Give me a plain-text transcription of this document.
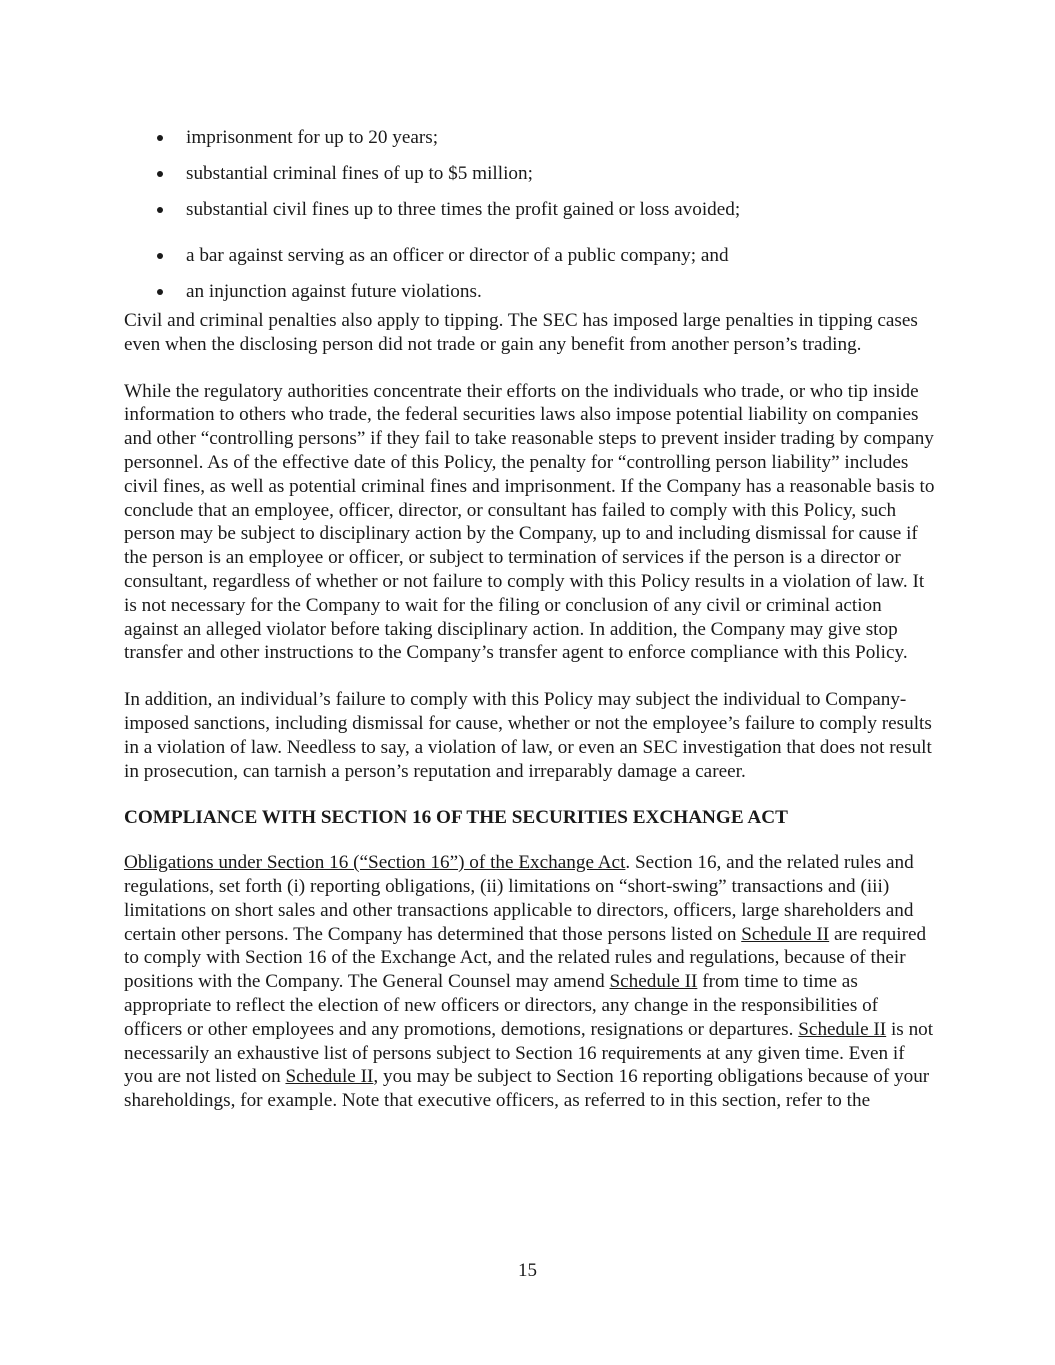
imprisonment for up to 20 years;
substantial criminal fines of up to $5 million;
substantial civil fines up to three times the profit gained or loss avoided;
a bar against serving as an officer or director of a public company; and
an injunction against future violations.

Civil and criminal penalties also apply to tipping. The SEC has imposed large penalties in tipping cases even when the disclosing person did not trade or gain any benefit from another person’s trading.

While the regulatory authorities concentrate their efforts on the individuals who trade, or who tip inside information to others who trade, the federal securities laws also impose potential liability on companies and other “controlling persons” if they fail to take reasonable steps to prevent insider trading by company personnel. As of the effective date of this Policy, the penalty for “controlling person liability” includes civil fines, as well as potential criminal fines and imprisonment. If the Company has a reasonable basis to conclude that an employee, officer, director, or consultant has failed to comply with this Policy, such person may be subject to disciplinary action by the Company, up to and including dismissal for cause if the person is an employee or officer, or subject to termination of services if the person is a director or consultant, regardless of whether or not failure to comply with this Policy results in a violation of law. It is not necessary for the Company to wait for the filing or conclusion of any civil or criminal action against an alleged violator before taking disciplinary action. In addition, the Company may give stop transfer and other instructions to the Company’s transfer agent to enforce compliance with this Policy.

In addition, an individual’s failure to comply with this Policy may subject the individual to Company- imposed sanctions, including dismissal for cause, whether or not the employee’s failure to comply results in a violation of law. Needless to say, a violation of law, or even an SEC investigation that does not result in prosecution, can tarnish a person’s reputation and irreparably damage a career.

COMPLIANCE WITH SECTION 16 OF THE SECURITIES EXCHANGE ACT

Obligations under Section 16 (“Section 16”) of the Exchange Act. Section 16, and the related rules and regulations, set forth (i) reporting obligations, (ii) limitations on “short-swing” transactions and (iii) limitations on short sales and other transactions applicable to directors, officers, large shareholders and certain other persons. The Company has determined that those persons listed on Schedule II are required to comply with Section 16 of the Exchange Act, and the related rules and regulations, because of their positions with the Company. The General Counsel may amend Schedule II from time to time as appropriate to reflect the election of new officers or directors, any change in the responsibilities of officers or other employees and any promotions, demotions, resignations or departures. Schedule II is not necessarily an exhaustive list of persons subject to Section 16 requirements at any given time. Even if you are not listed on Schedule II, you may be subject to Section 16 reporting obligations because of your shareholdings, for example. Note that executive officers, as referred to in this section, refer to the

15
